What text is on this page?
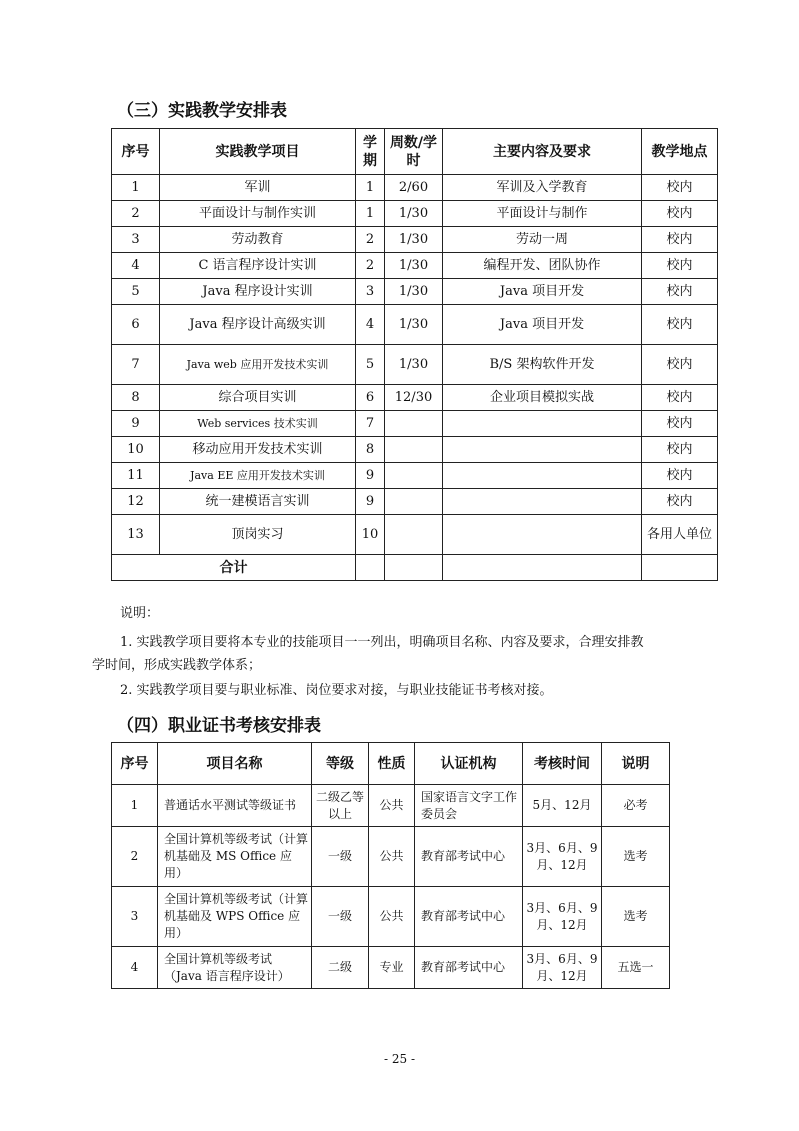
（三）实践教学安排表
序号	实践教学项目	学期	周数/学时	主要内容及要求	教学地点
1	军训	1	2/60	军训及入学教育	校内
2	平面设计与制作实训	1	1/30	平面设计与制作	校内
3	劳动教育	2	1/30	劳动一周	校内
4	C 语言程序设计实训	2	1/30	编程开发、团队协作	校内
5	Java 程序设计实训	3	1/30	Java 项目开发	校内
6	Java 程序设计高级实训	4	1/30	Java 项目开发	校内
7	Java web 应用开发技术实训	5	1/30	B/S 架构软件开发	校内
8	综合项目实训	6	12/30	企业项目模拟实战	校内
9	Web services 技术实训	7			校内
10	移动应用开发技术实训	8			校内
11	Java EE 应用开发技术实训	9			校内
12	统一建模语言实训	9			校内
13	顶岗实习	10			各用人单位
合计					
说明：
1. 实践教学项目要将本专业的技能项目一一列出，明确项目名称、内容及要求，合理安排教
学时间，形成实践教学体系；
2. 实践教学项目要与职业标准、岗位要求对接，与职业技能证书考核对接。
（四）职业证书考核安排表
序号	项目名称	等级	性质	认证机构	考核时间	说明
1	普通话水平测试等级证书	二级乙等以上	公共	国家语言文字工作委员会	5月、12月	必考
2	全国计算机等级考试（计算机基础及 MS Office 应用）	一级	公共	教育部考试中心	3月、6月、9月、12月	选考
3	全国计算机等级考试（计算机基础及 WPS Office 应用）	一级	公共	教育部考试中心	3月、6月、9月、12月	选考
4	全国计算机等级考试（Java 语言程序设计）	二级	专业	教育部考试中心	3月、6月、9月、12月	五选一
- 25 -
